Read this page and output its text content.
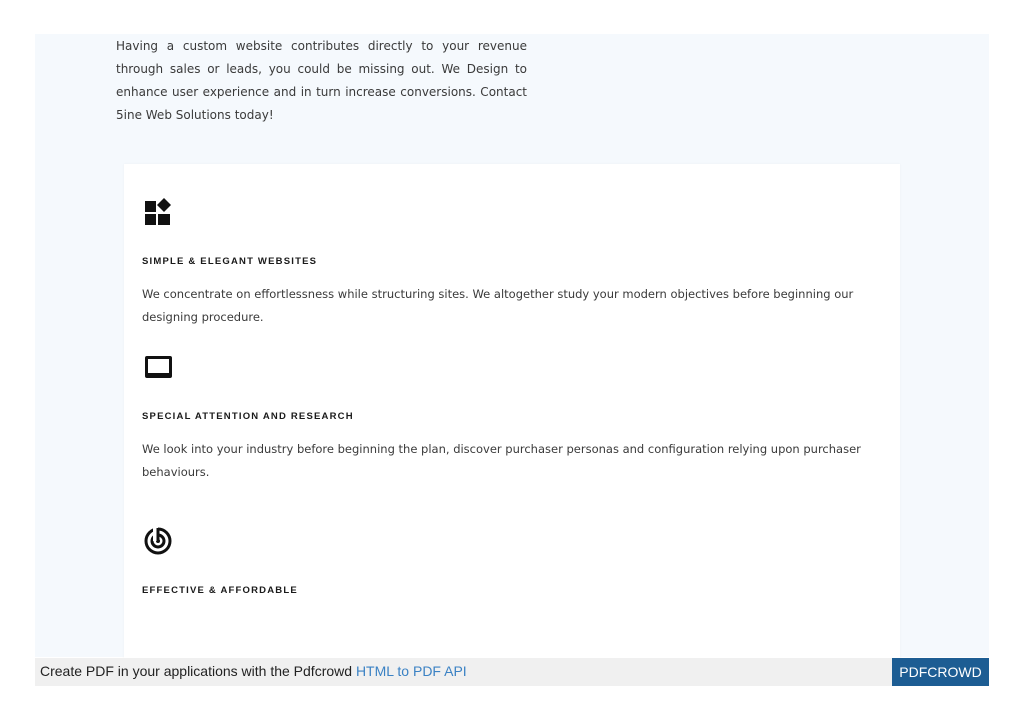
Having a custom website contributes directly to your revenue through sales or leads, you could be missing out. We Design to enhance user experience and in turn increase conversions. Contact 5ine Web Solutions today!

SIMPLE & ELEGANT WEBSITES

We concentrate on effortlessness while structuring sites. We altogether study your modern objectives before beginning our designing procedure.

SPECIAL ATTENTION AND RESEARCH

We look into your industry before beginning the plan, discover purchaser personas and configuration relying upon purchaser behaviours.

EFFECTIVE & AFFORDABLE

Create PDF in your applications with the Pdfcrowd HTML to PDF API	PDFCROWD
